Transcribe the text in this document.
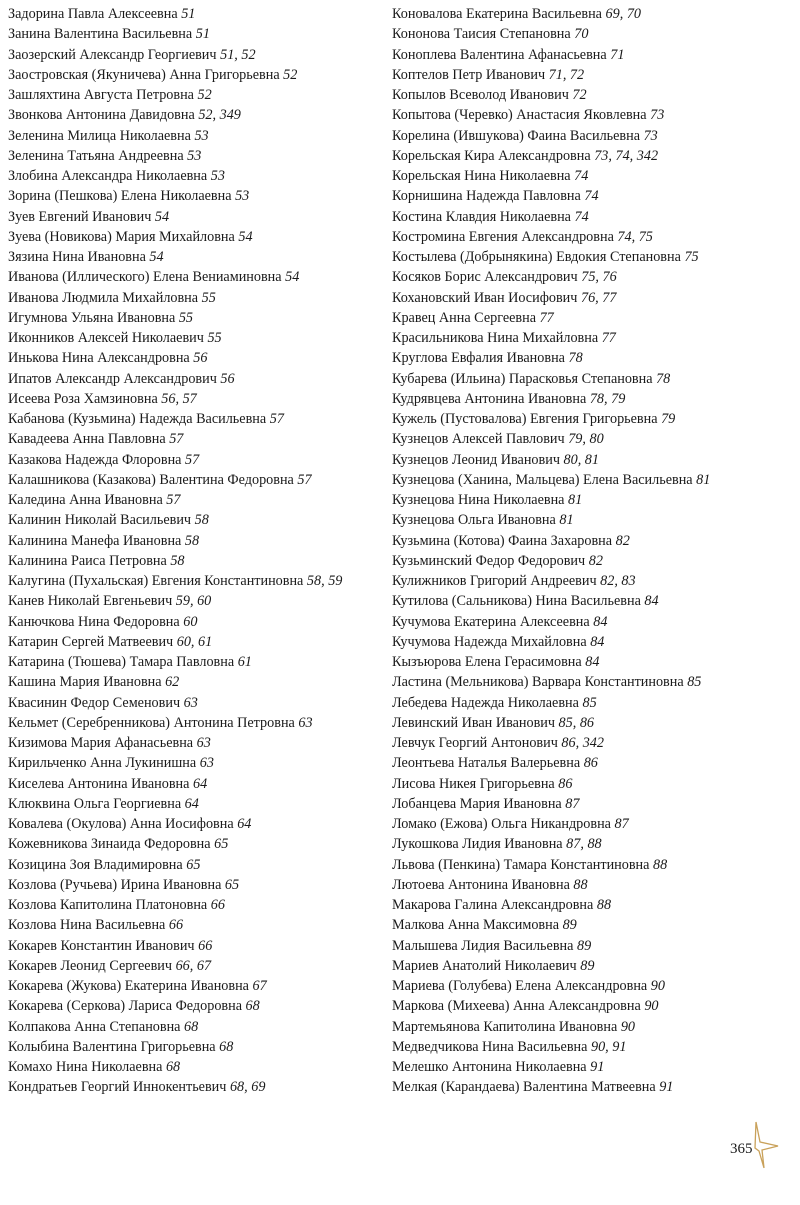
Задорина Павла Алексеевна 51
Занина Валентина Васильевна 51
Заозерский Александр Георгиевич 51, 52
Заостровская (Якуничева) Анна Григорьевна 52
Зашляхтина Августа Петровна 52
Звонкова Антонина Давидовна 52, 349
Зеленина Милица Николаевна 53
Зеленина Татьяна Андреевна 53
Злобина Александра Николаевна 53
Зорина (Пешкова) Елена Николаевна 53
Зуев Евгений Иванович 54
Зуева (Новикова) Мария Михайловна 54
Зязина Нина Ивановна 54
Иванова (Иллического) Елена Вениаминовна 54
Иванова Людмила Михайловна 55
Игумнова Ульяна Ивановна 55
Иконников Алексей Николаевич 55
Инькова Нина Александровна 56
Ипатов Александр Александрович 56
Исеева Роза Хамзиновна 56, 57
Кабанова (Кузьмина) Надежда Васильевна 57
Кавадеева Анна Павловна 57
Казакова Надежда Флоровна 57
Калашникова (Казакова) Валентина Федоровна 57
Каледина Анна Ивановна 57
Калинин Николай Васильевич 58
Калинина Манефа Ивановна 58
Калинина Раиса Петровна 58
Калугина (Пухальская) Евгения Константиновна 58, 59
Канев Николай Евгеньевич 59, 60
Канючкова Нина Федоровна 60
Катарин Сергей Матвеевич 60, 61
Катарина (Тюшева) Тамара Павловна 61
Кашина Мария Ивановна 62
Квасинин Федор Семенович 63
Кельмет (Серебренникова) Антонина Петровна 63
Кизимова Мария Афанасьевна 63
Кирильченко Анна Лукинишна 63
Киселева Антонина Ивановна 64
Клюквина Ольга Георгиевна 64
Ковалева (Окулова) Анна Иосифовна 64
Кожевникова Зинаида Федоровна 65
Козицина Зоя Владимировна 65
Козлова (Ручьева) Ирина Ивановна 65
Козлова Капитолина Платоновна 66
Козлова Нина Васильевна 66
Кокарев Константин Иванович 66
Кокарев Леонид Сергеевич 66, 67
Кокарева (Жукова) Екатерина Ивановна 67
Кокарева (Серкова) Лариса Федоровна 68
Колпакова Анна Степановна 68
Колыбина Валентина Григорьевна 68
Комахо Нина Николаевна 68
Кондратьев Георгий Иннокентьевич 68, 69
Коновалова Екатерина Васильевна 69, 70
Кононова Таисия Степановна 70
Коноплева Валентина Афанасьевна 71
Коптелов Петр Иванович 71, 72
Копылов Всеволод Иванович 72
Копытова (Черевко) Анастасия Яковлевна 73
Корелина (Ившукова) Фаина Васильевна 73
Корельская Кира Александровна 73, 74, 342
Корельская Нина Николаевна 74
Корнишина Надежда Павловна 74
Костина Клавдия Николаевна 74
Костромина Евгения Александровна 74, 75
Костылева (Добрынякина) Евдокия Степановна 75
Косяков Борис Александрович 75, 76
Кохановский Иван Иосифович 76, 77
Кравец Анна Сергеевна 77
Красильникова Нина Михайловна 77
Круглова Евфалия Ивановна 78
Кубарева (Ильина) Парасковья Степановна 78
Кудрявцева Антонина Ивановна 78, 79
Кужель (Пустовалова) Евгения Григорьевна 79
Кузнецов Алексей Павлович 79, 80
Кузнецов Леонид Иванович 80, 81
Кузнецова (Ханина, Мальцева) Елена Васильевна 81
Кузнецова Нина Николаевна 81
Кузнецова Ольга Ивановна 81
Кузьмина (Котова) Фаина Захаровна 82
Кузьминский Федор Федорович 82
Кулижников Григорий Андреевич 82, 83
Кутилова (Сальникова) Нина Васильевна 84
Кучумова Екатерина Алексеевна 84
Кучумова Надежда Михайловна 84
Кызъюрова Елена Герасимовна 84
Ластина (Мельникова) Варвара Константиновна 85
Лебедева Надежда Николаевна 85
Левинский Иван Иванович 85, 86
Левчук Георгий Антонович 86, 342
Леонтьева Наталья Валерьевна 86
Лисова Никея Григорьевна 86
Лобанцева Мария Ивановна 87
Ломако (Ежова) Ольга Никандровна 87
Лукошкова Лидия Ивановна 87, 88
Львова (Пенкина) Тамара Константиновна 88
Лютоева Антонина Ивановна 88
Макарова Галина Александровна 88
Малкова Анна Максимовна 89
Малышева Лидия Васильевна 89
Мариев Анатолий Николаевич 89
Мариева (Голубева) Елена Александровна 90
Маркова (Михеева) Анна Александровна 90
Мартемьянова Капитолина Ивановна 90
Медведчикова Нина Васильевна 90, 91
Мелешко Антонина Николаевна 91
Мелкая (Карандаева) Валентина Матвеевна 91
365
